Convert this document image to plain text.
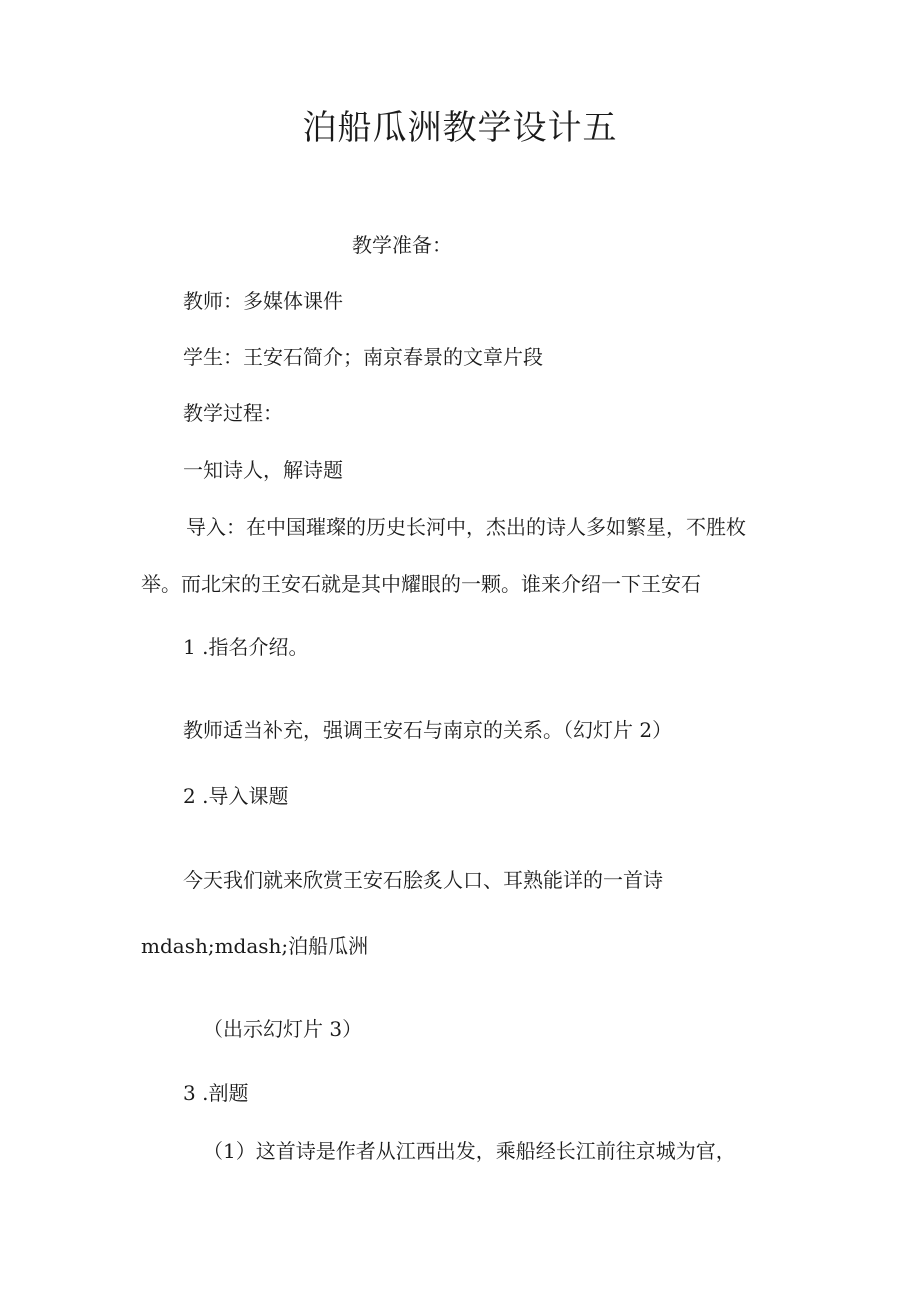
泊船瓜洲教学设计五

教学准备：

教师：多媒体课件

学生：王安石简介；南京春景的文章片段

教学过程：

一知诗人，解诗题

导入：在中国璀璨的历史长河中，杰出的诗人多如繁星，不胜枚

举。而北宋的王安石就是其中耀眼的一颗。谁来介绍一下王安石

1 .指名介绍。

教师适当补充，强调王安石与南京的关系。（幻灯片 2）

2 .导入课题

今天我们就来欣赏王安石脍炙人口、耳熟能详的一首诗

mdash;mdash;泊船瓜洲

（出示幻灯片 3）

3 .剖题

（1）这首诗是作者从江西出发，乘船经长江前往京城为官，
